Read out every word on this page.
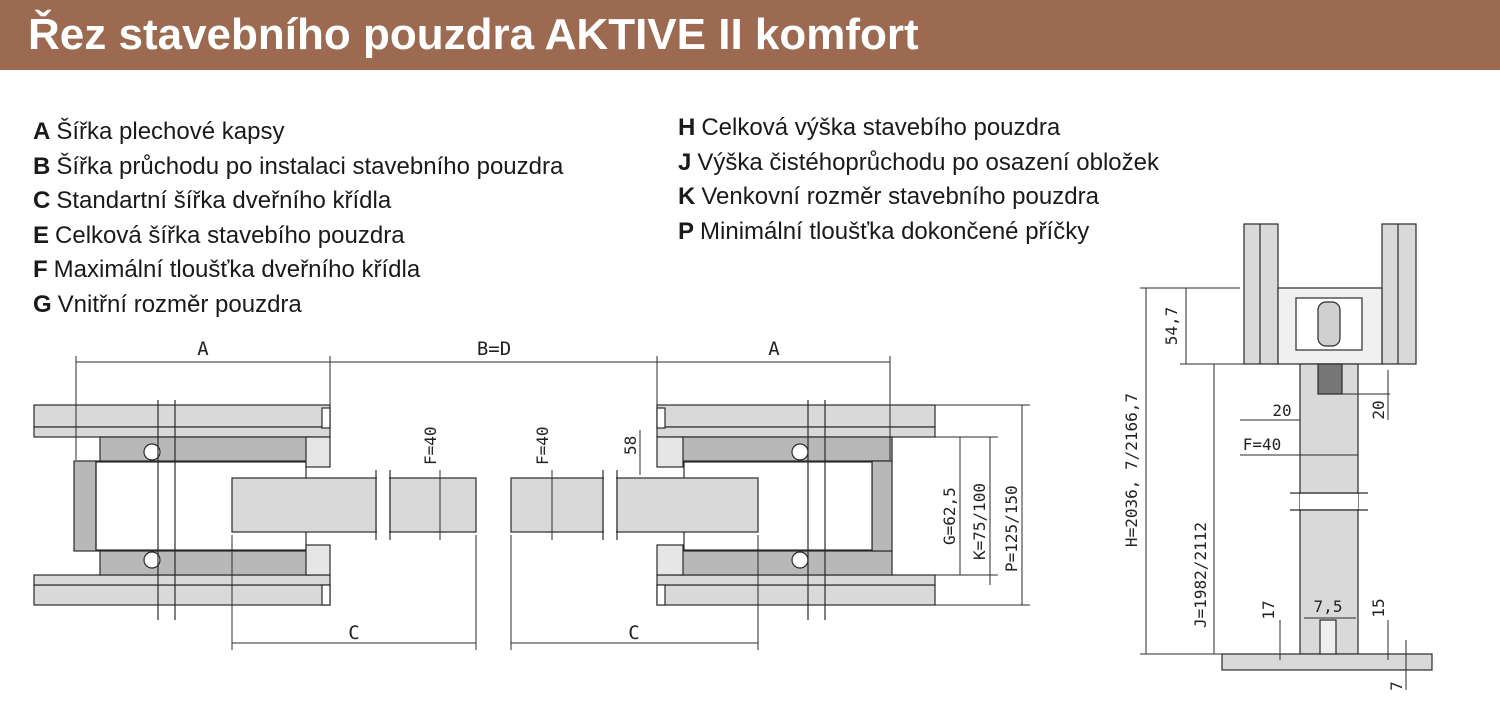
Řez stavebního pouzdra AKTIVE II komfort
A Šířka plechové kapsy
B Šířka průchodu po instalaci stavebního pouzdra
C Standartní šířka dveřního křídla
E Celková šířka stavebího pouzdra
F Maximální tloušťka dveřního křídla
G Vnitřní rozměr pouzdra
H Celková výška stavebího pouzdra
J Výška čistéhoprůchodu po osazení obložek
K Venkovní rozměr stavebního pouzdra
P Minimální tloušťka dokončené příčky
A	B=D	A
C	C
F=40	F=40	58
G=62,5 K=75/100 P=125/150	H=2036, 7/2166,7
54,7
20	20
F=40
J=1982/2112	17 7,5 15
7
